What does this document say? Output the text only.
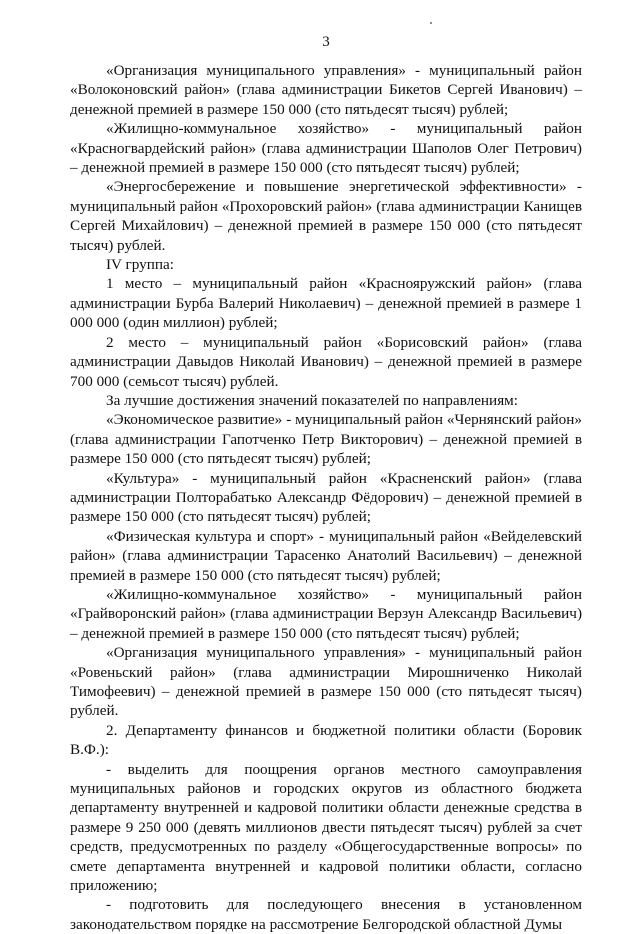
3

«Организация муниципального управления» - муниципальный район «Волоконовский район» (глава администрации Бикетов Сергей Иванович) – денежной премией в размере 150 000 (сто пятьдесят тысяч) рублей;

«Жилищно-коммунальное хозяйство» - муниципальный район «Красногвардейский район» (глава администрации Шаполов Олег Петрович) – денежной премией в размере 150 000 (сто пятьдесят тысяч) рублей;

«Энергосбережение и повышение энергетической эффективности» - муниципальный район «Прохоровский район» (глава администрации Канищев Сергей Михайлович) – денежной премией в размере 150 000 (сто пятьдесят тысяч) рублей.

IV группа:

1 место – муниципальный район «Краснояружский район» (глава администрации Бурба Валерий Николаевич) – денежной премией в размере 1 000 000 (один миллион) рублей;

2 место – муниципальный район «Борисовский район» (глава администрации Давыдов Николай Иванович) – денежной премией в размере 700 000 (семьсот тысяч) рублей.

За лучшие достижения значений показателей по направлениям:

«Экономическое развитие» - муниципальный район «Чернянский район» (глава администрации Гапотченко Петр Викторович) – денежной премией в размере 150 000 (сто пятьдесят тысяч) рублей;

«Культура» - муниципальный район «Красненский район» (глава администрации Полторабатько Александр Фёдорович) – денежной премией в размере 150 000 (сто пятьдесят тысяч) рублей;

«Физическая культура и спорт» - муниципальный район «Вейделевский район» (глава администрации Тарасенко Анатолий Васильевич) – денежной премией в размере 150 000 (сто пятьдесят тысяч) рублей;

«Жилищно-коммунальное хозяйство» - муниципальный район «Грайворонский район» (глава администрации Верзун Александр Васильевич) – денежной премией в размере 150 000 (сто пятьдесят тысяч) рублей;

«Организация муниципального управления» - муниципальный район «Ровеньский район» (глава администрации Мирошниченко Николай Тимофеевич) – денежной премией в размере 150 000 (сто пятьдесят тысяч) рублей.

2. Департаменту финансов и бюджетной политики области (Боровик В.Ф.):

- выделить для поощрения органов местного самоуправления муниципальных районов и городских округов из областного бюджета департаменту внутренней и кадровой политики области денежные средства в размере 9 250 000 (девять миллионов двести пятьдесят тысяч) рублей за счет средств, предусмотренных по разделу «Общегосударственные вопросы» по смете департамента внутренней и кадровой политики области, согласно приложению;

- подготовить для последующего внесения в установленном законодательством порядке на рассмотрение Белгородской областной Думы
